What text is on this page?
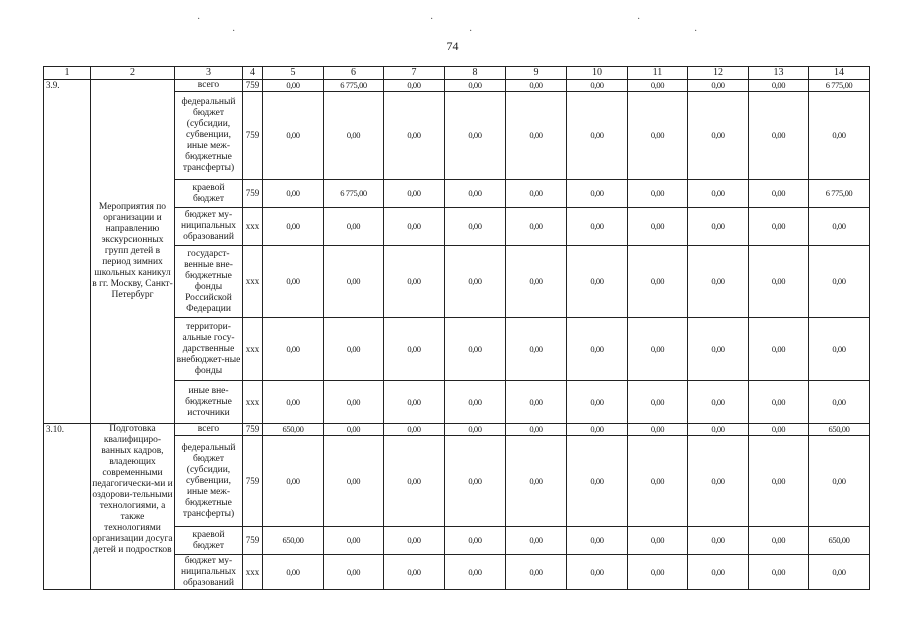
74
·	·	·
·	·	·
1	2	3	4	5	6	7	8	9	10	11	12	13	14
3.9.	Мероприятия по организации и направлению экскурсионных групп детей в период зимних школьных каникул в гг. Москву, Санкт-Петербург	всего	759	0,00	6 775,00	0,00	0,00	0,00	0,00	0,00	0,00	0,00	6 775,00
		федеральный бюджет (субсидии, субвенции, иные меж-бюджетные трансферты)	759	0,00	0,00	0,00	0,00	0,00	0,00	0,00	0,00	0,00	0,00
		краевой бюджет	759	0,00	6 775,00	0,00	0,00	0,00	0,00	0,00	0,00	0,00	6 775,00
		бюджет му-ниципальных образований	ххх	0,00	0,00	0,00	0,00	0,00	0,00	0,00	0,00	0,00	0,00
		государст-венные вне-бюджетные фонды Российской Федерации	ххх	0,00	0,00	0,00	0,00	0,00	0,00	0,00	0,00	0,00	0,00
		территори-альные госу-дарственные внебюджет-ные фонды	ххх	0,00	0,00	0,00	0,00	0,00	0,00	0,00	0,00	0,00	0,00
		иные вне-бюджетные источники	ххх	0,00	0,00	0,00	0,00	0,00	0,00	0,00	0,00	0,00	0,00
3.10.	Подготовка квалифициро-ванных кадров, владеющих современными педагогически-ми и оздорови-тельными технологиями, а также технологиями организации досуга детей и подростков	всего	759	650,00	0,00	0,00	0,00	0,00	0,00	0,00	0,00	0,00	650,00
		федеральный бюджет (субсидии, субвенции, иные меж-бюджетные трансферты)	759	0,00	0,00	0,00	0,00	0,00	0,00	0,00	0,00	0,00	0,00
		краевой бюджет	759	650,00	0,00	0,00	0,00	0,00	0,00	0,00	0,00	0,00	650,00
		бюджет му-ниципальных образований	ххх	0,00	0,00	0,00	0,00	0,00	0,00	0,00	0,00	0,00	0,00
